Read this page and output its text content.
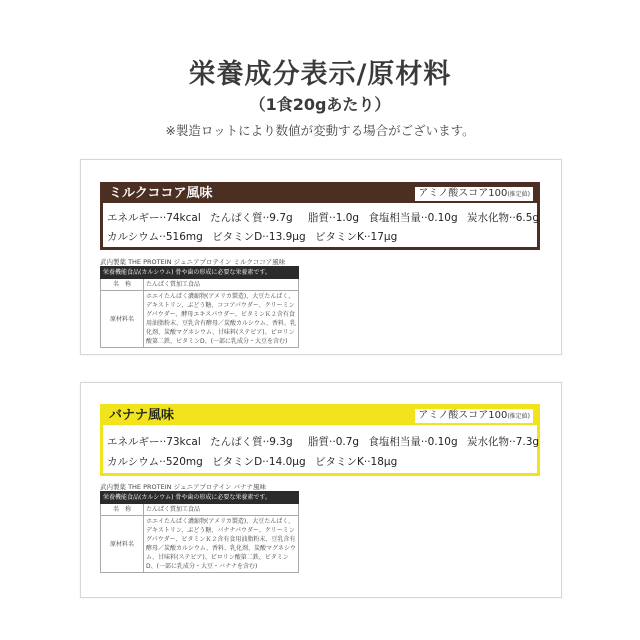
栄養成分表示/原材料
（1食20gあたり）
※製造ロットにより数値が変動する場合がございます。
ミルクココア風味	アミノ酸スコア100(推定値)
エネルギー··74kcal たんぱく質··9.7g 脂質··1.0g 食塩相当量··0.10g 炭水化物··6.5g
カルシウム··516mg ビタミンD··13.9μg ビタミンK··17μg
武内製薬 THE PROTEIN ジュニアプロテイン ミルクココア風味
栄養機能食品(カルシウム) 骨や歯の形成に必要な栄養素です。	
名　称	たんぱく質加工食品
原材料名	ホエイたんぱく濃縮物(アメリカ製造)、大豆たんぱく、デキストリン、ぶどう糖、ココアパウダー、クリーミングパウダー、酵母エキスパウダー、ビタミンＫ２含有食用油脂粉末、豆乳含有酵母／炭酸カルシウム、香料、乳化剤、炭酸マグネシウム、甘味料(ステビア)、ピロリン酸第二鉄、ビタミンD、(一部に乳成分・大豆を含む)
バナナ風味	アミノ酸スコア100(推定値)
エネルギー··73kcal たんぱく質··9.3g 脂質··0.7g 食塩相当量··0.10g 炭水化物··7.3g
カルシウム··520mg ビタミンD··14.0μg ビタミンK··18μg
武内製薬 THE PROTEIN ジュニアプロテイン バナナ風味
栄養機能食品(カルシウム) 骨や歯の形成に必要な栄養素です。	
名　称	たんぱく質加工食品
原材料名	ホエイたんぱく濃縮物(アメリカ製造)、大豆たんぱく、デキストリン、ぶどう糖、バナナパウダー、クリーミングパウダー、ビタミンＫ２含有食用油脂粉末、豆乳含有酵母／炭酸カルシウム、香料、乳化剤、炭酸マグネシウム、甘味料(ステビア)、ピロリン酸第二鉄、ビタミンD、(一部に乳成分・大豆・バナナを含む)
